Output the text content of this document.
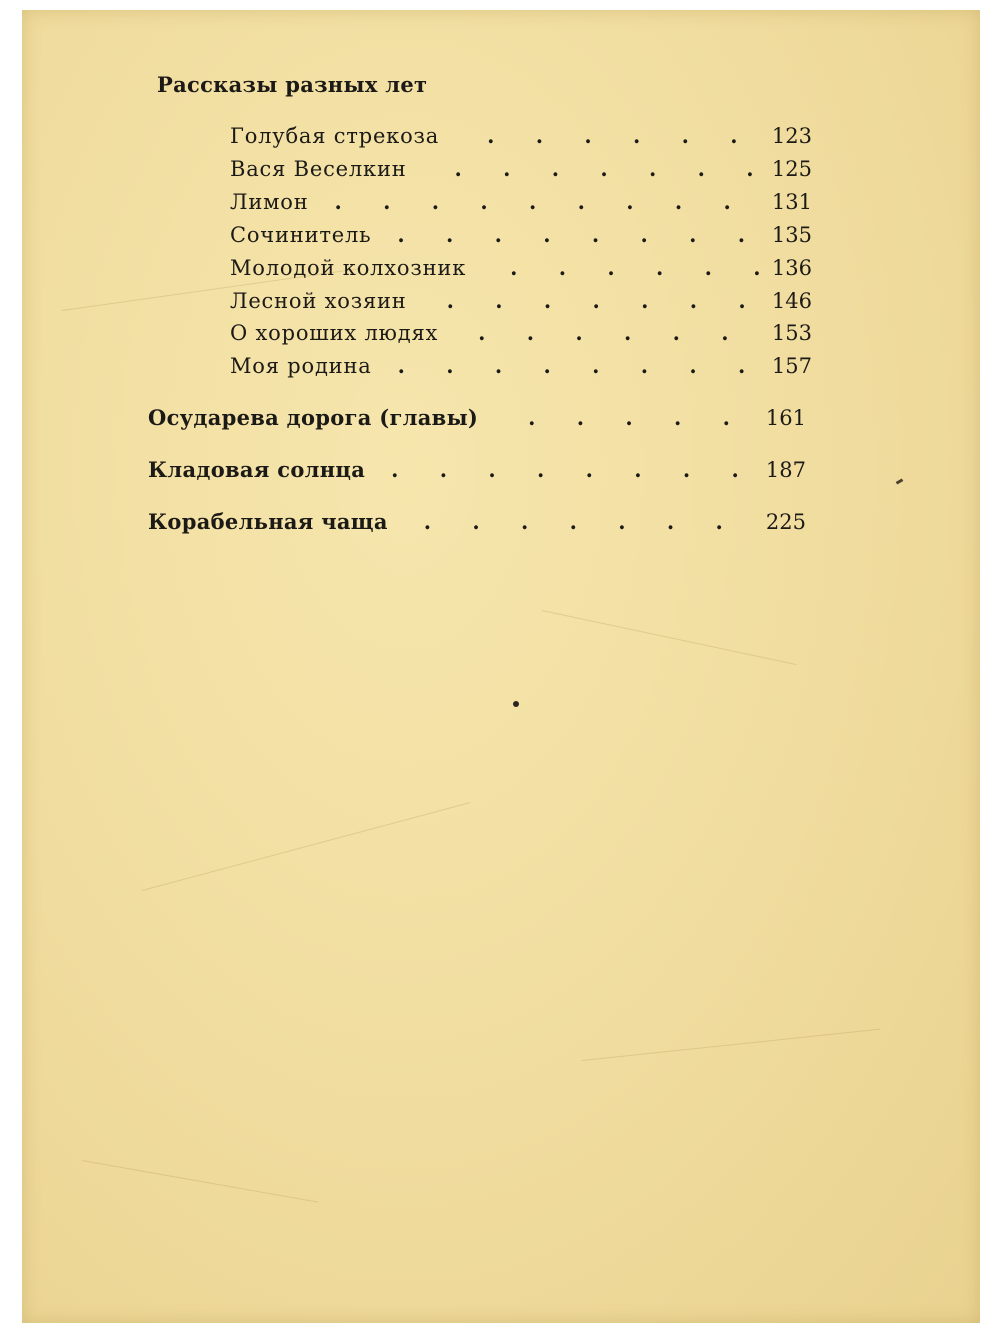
Рассказы разных лет
Голубая стрекоза . . .	123
Вася Веселкин . . .	125
Лимон . . .	131
Сочинитель . . .	135
Молодой колхозник . . .	136
Лесной хозяин . . .	146
О хороших людях . . .	153
Моя родина . . .	157
Осударева дорога (главы) . . .	161
Кладовая солнца . . .	187
Корабельная чаща . . .	225
